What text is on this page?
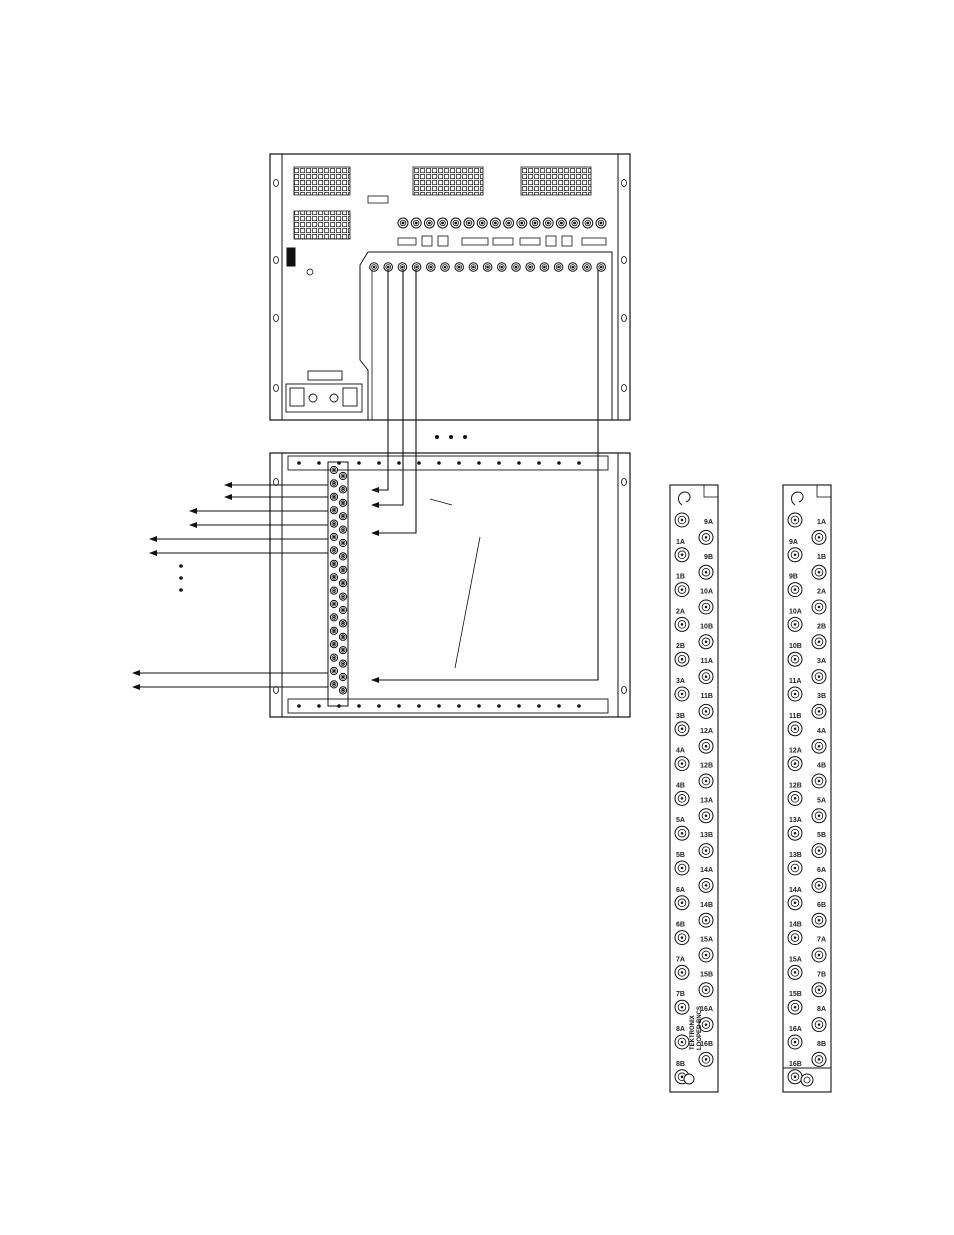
9A
1A
9B
1B
10A
2A
10B
2B
11A
3A
11B
3B
12A
4A
12B
4B
13A
5A
13B
5B
14A
6A
14B
6B
15A
7A
15B
7B
16A
8A
16B
8B
TEKTRONIX LOOPED BNCS
1A
9A
1B
9B
2A
10A
2B
10B
3A
11A
3B
11B
4A
12A
4B
12B
5A
13A
5B
13B
6A
14A
6B
14B
7A
15A
7B
15B
8A
16A
8B
16B
